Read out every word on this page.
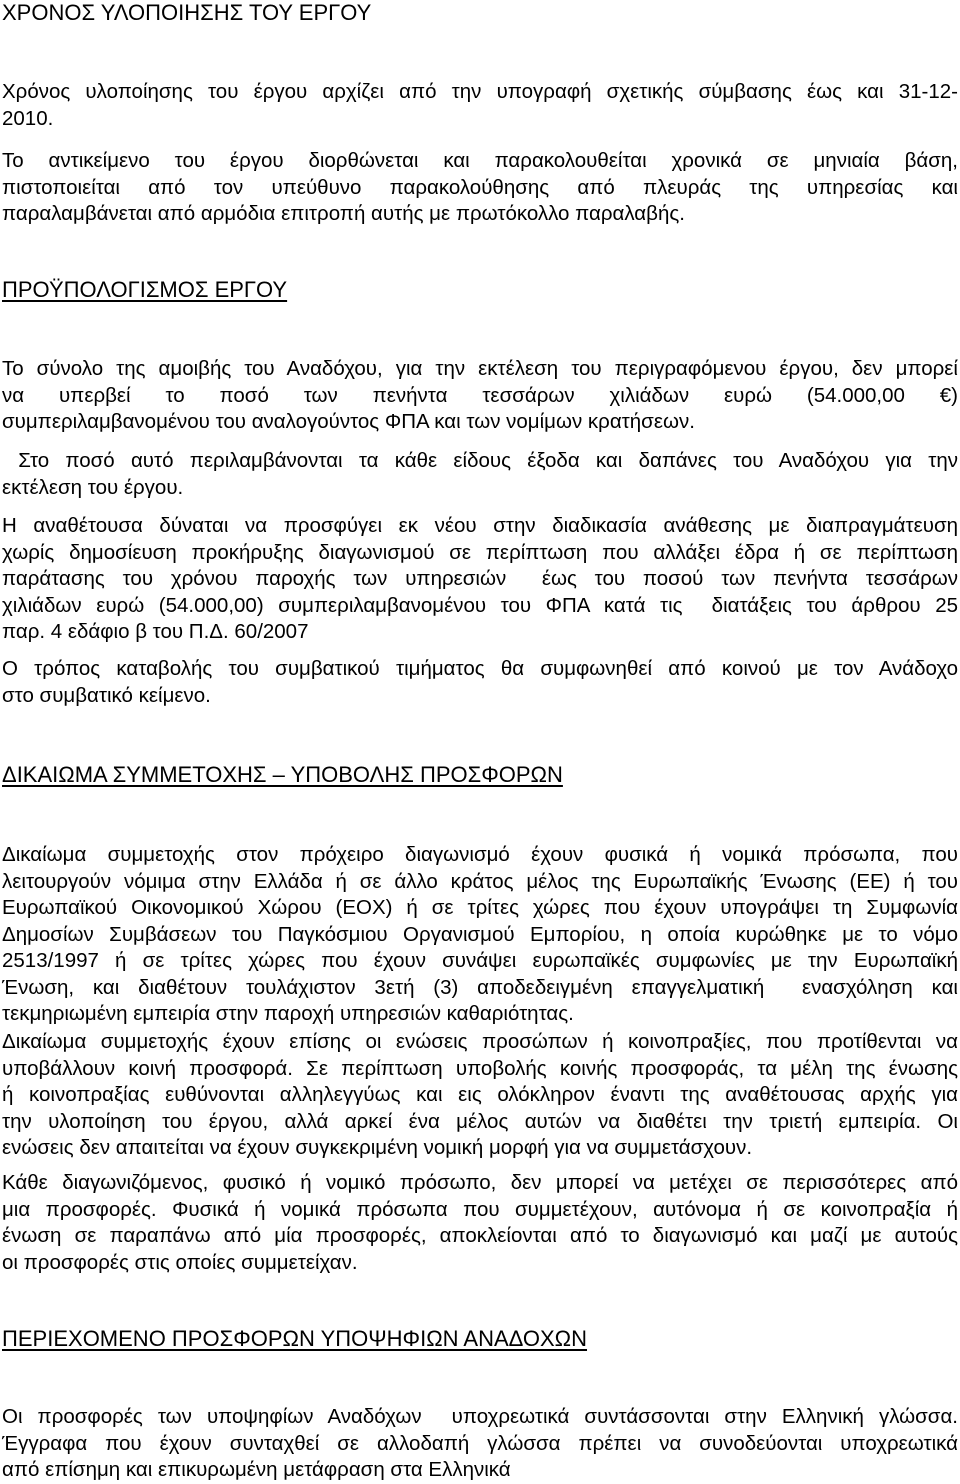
ΧΡΟΝΟΣ ΥΛΟΠΟΙΗΣΗΣ ΤΟΥ ΕΡΓΟΥ
Χρόνος υλοποίησης του έργου αρχίζει από την υπογραφή σχετικής σύμβασης έως και 31-12-
2010.
Το αντικείμενο του έργου διορθώνεται και παρακολουθείται χρονικά σε μηνιαία βάση,
πιστοποιείται από τον υπεύθυνο παρακολούθησης από πλευράς της υπηρεσίας και
παραλαμβάνεται από αρμόδια επιτροπή αυτής με πρωτόκολλο παραλαβής.
ΠΡΟΫΠΟΛΟΓΙΣΜΟΣ ΕΡΓΟΥ
Το σύνολο της αμοιβής του Αναδόχου, για την εκτέλεση του περιγραφόμενου έργου, δεν μπορεί
να υπερβεί το ποσό των πενήντα τεσσάρων χιλιάδων ευρώ (54.000,00 €)
συμπεριλαμβανομένου του αναλογούντος ΦΠΑ και των νομίμων κρατήσεων.
Στο ποσό αυτό περιλαμβάνονται τα κάθε είδους έξοδα και δαπάνες του Αναδόχου για την
εκτέλεση του έργου.
Η αναθέτουσα δύναται να προσφύγει εκ νέου στην διαδικασία ανάθεσης με διαπραγμάτευση
χωρίς δημοσίευση προκήρυξης διαγωνισμού σε περίπτωση που αλλάξει έδρα ή σε περίπτωση
παράτασης του χρόνου παροχής των υπηρεσιών  έως του ποσού των πενήντα τεσσάρων
χιλιάδων ευρώ (54.000,00) συμπεριλαμβανομένου του ΦΠΑ κατά τις  διατάξεις του άρθρου 25
παρ. 4 εδάφιο β του Π.Δ. 60/2007
Ο τρόπος καταβολής του συμβατικού τιμήματος θα συμφωνηθεί από κοινού με τον Ανάδοχο
στο συμβατικό κείμενο.
ΔΙΚΑΙΩΜΑ ΣΥΜΜΕΤΟΧΗΣ – ΥΠΟΒΟΛΗΣ ΠΡΟΣΦΟΡΩΝ
Δικαίωμα συμμετοχής στον πρόχειρο διαγωνισμό έχουν φυσικά ή νομικά πρόσωπα, που
λειτουργούν νόμιμα στην Ελλάδα ή σε άλλο κράτος μέλος της Ευρωπαϊκής Ένωσης (ΕΕ) ή του
Ευρωπαϊκού Οικονομικού Χώρου (ΕΟΧ) ή σε τρίτες χώρες που έχουν υπογράψει τη Συμφωνία
Δημοσίων Συμβάσεων του Παγκόσμιου Οργανισμού Εμπορίου, η οποία κυρώθηκε με το νόμο
2513/1997 ή σε τρίτες χώρες που έχουν συνάψει ευρωπαϊκές συμφωνίες με την Ευρωπαϊκή
Ένωση, και διαθέτουν τουλάχιστον 3ετή (3) αποδεδειγμένη επαγγελματική  ενασχόληση και
τεκμηριωμένη εμπειρία στην παροχή υπηρεσιών καθαριότητας.
Δικαίωμα συμμετοχής έχουν επίσης οι ενώσεις προσώπων ή κοινοπραξίες, που προτίθενται να
υποβάλλουν κοινή προσφορά. Σε περίπτωση υποβολής κοινής προσφοράς, τα μέλη της ένωσης
ή κοινοπραξίας ευθύνονται αλληλεγγύως και εις ολόκληρον έναντι της αναθέτουσας αρχής για
την υλοποίηση του έργου, αλλά αρκεί ένα μέλος αυτών να διαθέτει την τριετή εμπειρία. Οι
ενώσεις δεν απαιτείται να έχουν συγκεκριμένη νομική μορφή για να συμμετάσχουν.
Κάθε διαγωνιζόμενος, φυσικό ή νομικό πρόσωπο, δεν μπορεί να μετέχει σε περισσότερες από
μια προσφορές. Φυσικά ή νομικά πρόσωπα που συμμετέχουν, αυτόνομα ή σε κοινοπραξία ή
ένωση σε παραπάνω από μία προσφορές, αποκλείονται από το διαγωνισμό και μαζί με αυτούς
οι προσφορές στις οποίες συμμετείχαν.
ΠΕΡΙΕΧΟΜΕΝΟ ΠΡΟΣΦΟΡΩΝ ΥΠΟΨΗΦΙΩΝ ΑΝΑΔΟΧΩΝ
Οι προσφορές των υποψηφίων Αναδόχων  υποχρεωτικά συντάσσονται στην Ελληνική γλώσσα.
Έγγραφα που έχουν συνταχθεί σε αλλοδαπή γλώσσα πρέπει να συνοδεύονται υποχρεωτικά
από επίσημη και επικυρωμένη μετάφραση στα Ελληνικά
